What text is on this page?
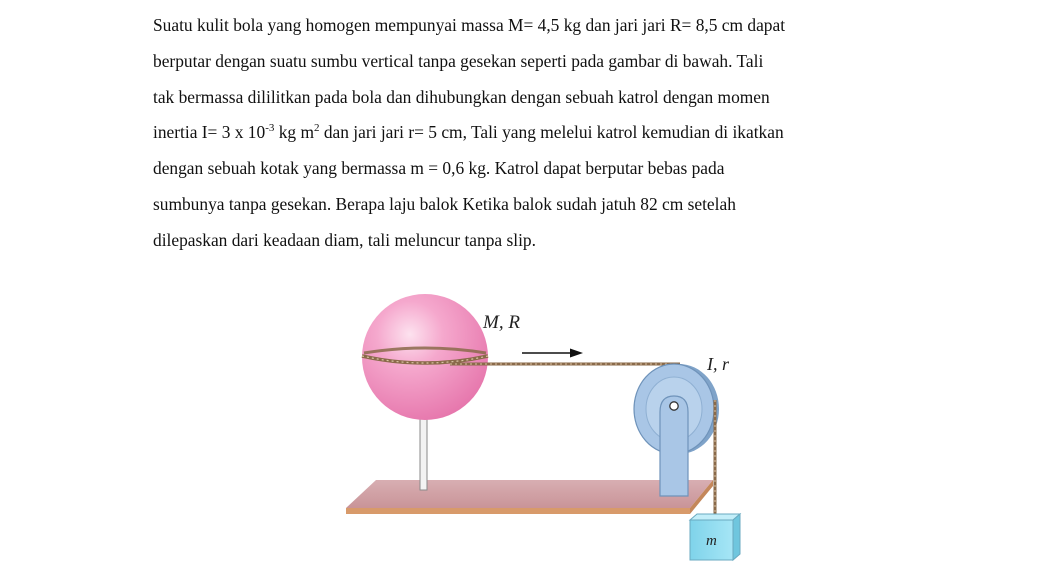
Suatu kulit bola yang homogen mempunyai massa M= 4,5 kg dan jari jari R= 8,5 cm dapat
berputar dengan suatu sumbu vertical tanpa gesekan seperti pada gambar di bawah. Tali
tak bermassa dililitkan pada bola dan dihubungkan dengan sebuah katrol dengan momen
inertia I= 3 x $10^{-3}$ kg $m^2$ dan jari jari r= 5 cm, Tali yang melelui katrol kemudian di ikatkan
dengan sebuah kotak yang bermassa m = 0,6 kg. Katrol dapat berputar bebas pada
sumbunya tanpa gesekan. Berapa laju balok Ketika balok sudah jatuh 82 cm setelah
dilepaskan dari keadaan diam, tali meluncur tanpa slip.
M, R
I, r
m
